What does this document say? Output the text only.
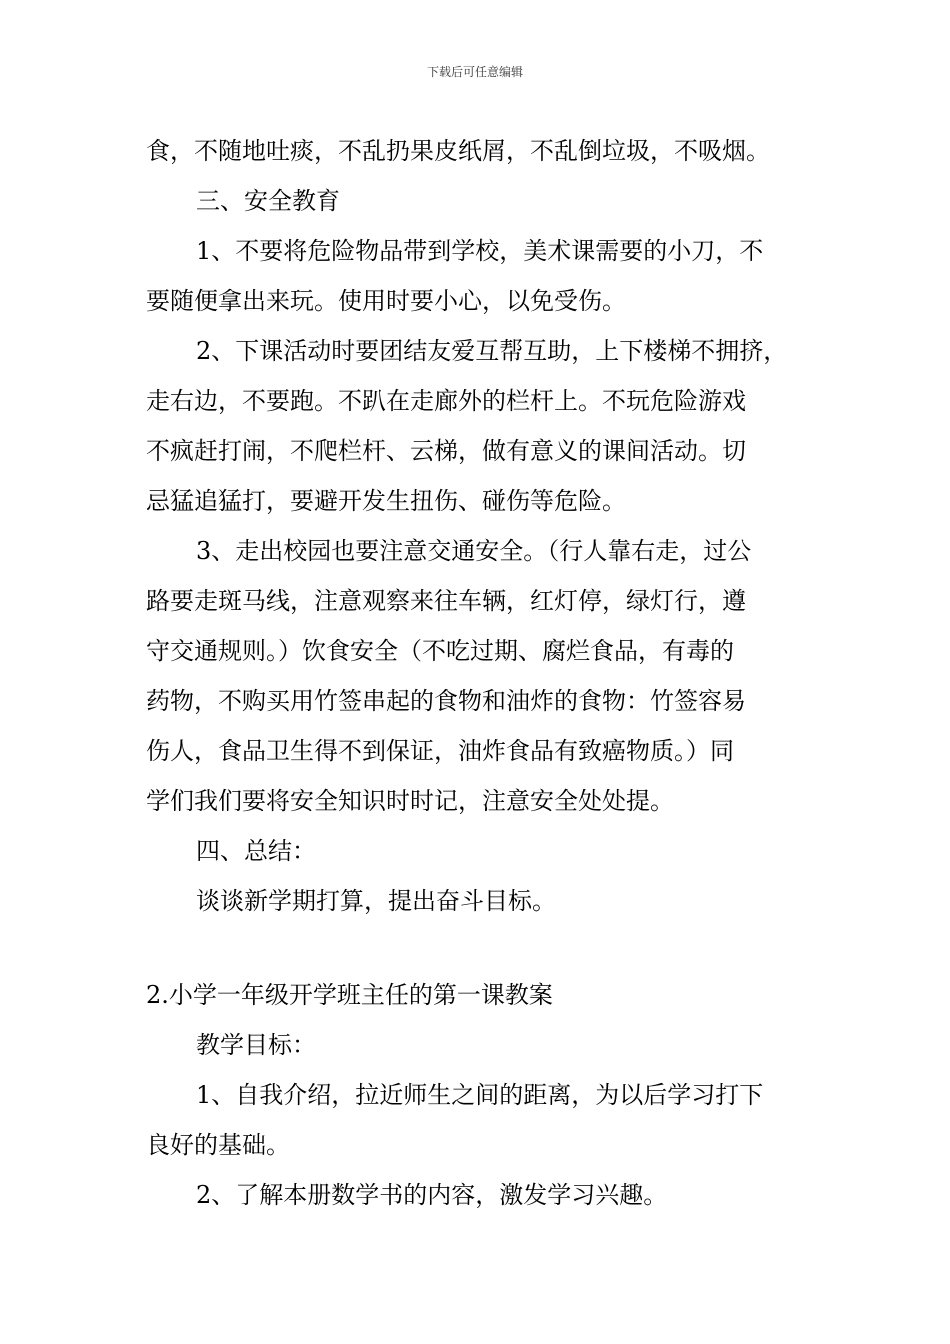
下载后可任意编辑
食，不随地吐痰，不乱扔果皮纸屑，不乱倒垃圾，不吸烟。
三、安全教育
1、不要将危险物品带到学校，美术课需要的小刀，不
要随便拿出来玩。使用时要小心，以免受伤。
2、下课活动时要团结友爱互帮互助，上下楼梯不拥挤，
走右边，不要跑。不趴在走廊外的栏杆上。不玩危险游戏
不疯赶打闹，不爬栏杆、云梯，做有意义的课间活动。切
忌猛追猛打，要避开发生扭伤、碰伤等危险。
3、走出校园也要注意交通安全。（行人靠右走，过公
路要走斑马线，注意观察来往车辆，红灯停，绿灯行，遵
守交通规则。）饮食安全（不吃过期、腐烂食品，有毒的
药物，不购买用竹签串起的食物和油炸的食物：竹签容易
伤人，食品卫生得不到保证，油炸食品有致癌物质。）同
学们我们要将安全知识时时记，注意安全处处提。
四、总结：
谈谈新学期打算，提出奋斗目标。
2.小学一年级开学班主任的第一课教案
教学目标：
1、自我介绍，拉近师生之间的距离，为以后学习打下
良好的基础。
2、了解本册数学书的内容，激发学习兴趣。
